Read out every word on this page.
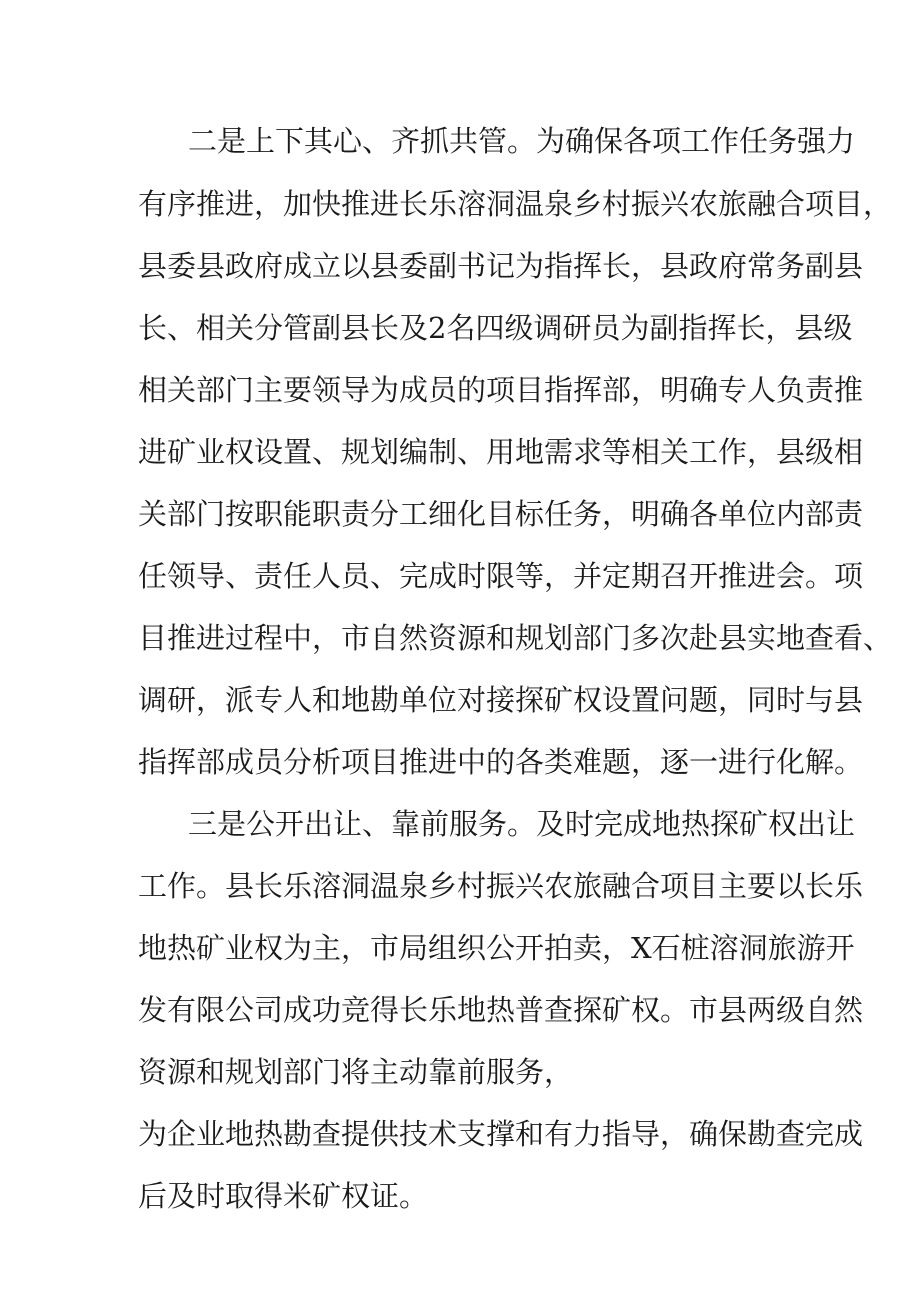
二是上下其心、齐抓共管。为确保各项工作任务强力
有序推进，加快推进长乐溶洞温泉乡村振兴农旅融合项目，
县委县政府成立以县委副书记为指挥长，县政府常务副县
长、相关分管副县长及2名四级调研员为副指挥长，县级
相关部门主要领导为成员的项目指挥部，明确专人负责推
进矿业权设置、规划编制、用地需求等相关工作，县级相
关部门按职能职责分工细化目标任务，明确各单位内部责
任领导、责任人员、完成时限等，并定期召开推进会。项
目推进过程中，市自然资源和规划部门多次赴县实地查看、
调研，派专人和地勘单位对接探矿权设置问题，同时与县
指挥部成员分析项目推进中的各类难题，逐一进行化解。
三是公开出让、靠前服务。及时完成地热探矿权出让
工作。县长乐溶洞温泉乡村振兴农旅融合项目主要以长乐
地热矿业权为主，市局组织公开拍卖，X石桩溶洞旅游开
发有限公司成功竞得长乐地热普查探矿权。市县两级自然
资源和规划部门将主动靠前服务，
为企业地热勘查提供技术支撑和有力指导，确保勘查完成
后及时取得米矿权证。
